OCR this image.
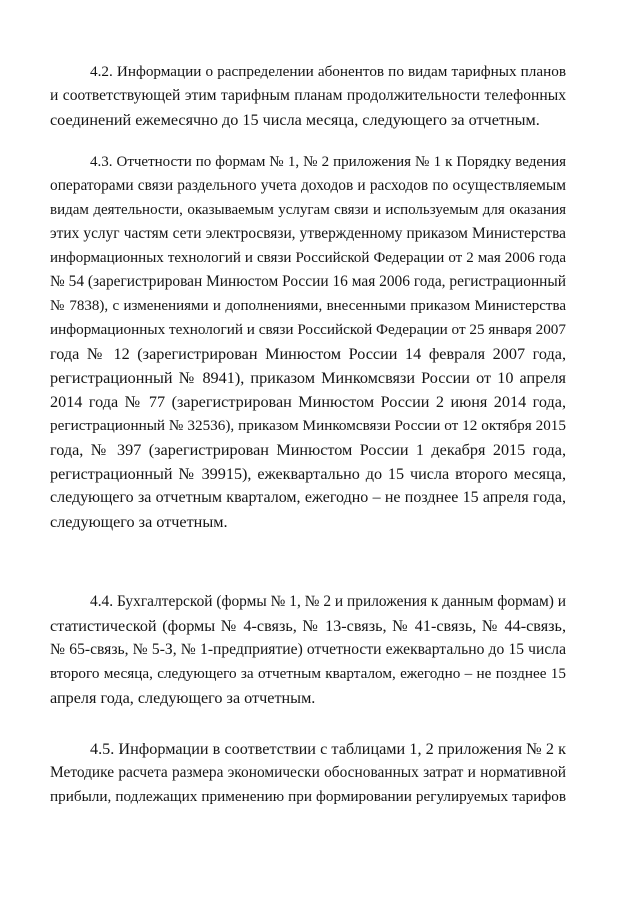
4.2. Информации о распределении абонентов по видам тарифных планов
и соответствующей этим тарифным планам продолжительности телефонных
соединений ежемесячно до 15 числа месяца, следующего за отчетным.
4.3. Отчетности по формам № 1, № 2 приложения № 1 к Порядку ведения
операторами связи раздельного учета доходов и расходов по осуществляемым
видам деятельности, оказываемым услугам связи и используемым для оказания
этих услуг частям сети электросвязи, утвержденному приказом Министерства
информационных технологий и связи Российской Федерации от 2 мая 2006 года
№ 54 (зарегистрирован Минюстом России 16 мая 2006 года, регистрационный
№ 7838), с изменениями и дополнениями, внесенными приказом Министерства
информационных технологий и связи Российской Федерации от 25 января 2007
года № 12 (зарегистрирован Минюстом России 14 февраля 2007 года,
регистрационный № 8941), приказом Минкомсвязи России от 10 апреля
2014 года № 77 (зарегистрирован Минюстом России 2 июня 2014 года,
регистрационный № 32536), приказом Минкомсвязи России от 12 октября 2015
года, № 397 (зарегистрирован Минюстом России 1 декабря 2015 года,
регистрационный № 39915), ежеквартально до 15 числа второго месяца,
следующего за отчетным кварталом, ежегодно – не позднее 15 апреля года,
следующего за отчетным.
4.4. Бухгалтерской (формы № 1, № 2 и приложения к данным формам) и
статистической (формы № 4-связь, № 13-связь, № 41-связь, № 44-связь,
№ 65-связь, № 5-З, № 1-предприятие) отчетности ежеквартально до 15 числа
второго месяца, следующего за отчетным кварталом, ежегодно – не позднее 15
апреля года, следующего за отчетным.
4.5. Информации в соответствии с таблицами 1, 2 приложения № 2 к
Методике расчета размера экономически обоснованных затрат и нормативной
прибыли, подлежащих применению при формировании регулируемых тарифов
